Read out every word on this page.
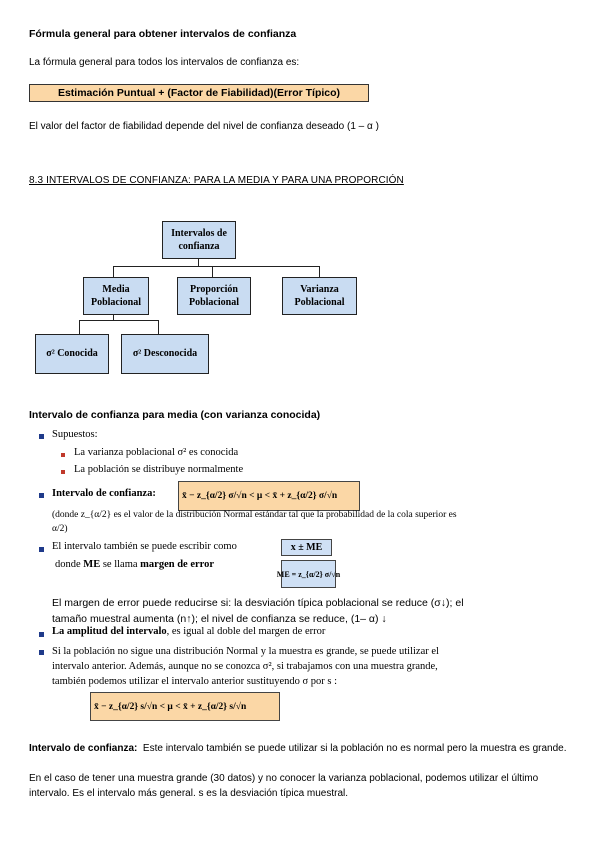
Fórmula general para obtener intervalos de confianza
La fórmula general para todos los intervalos de confianza es:
Estimación Puntual + (Factor de Fiabilidad)(Error Típico)
El valor del factor de fiabilidad depende del nivel de confianza deseado (1 – α )
8.3 INTERVALOS DE CONFIANZA: PARA LA MEDIA Y PARA UNA PROPORCIÓN
Intervalos de confianza
Media Poblacional
Proporción Poblacional
Varianza Poblacional
σ² Conocida	σ² Desconocida
Intervalo de confianza para media (con varianza conocida)
Supuestos:
La varianza poblacional σ² es conocida
La población se distribuye normalmente
Intervalo de confianza:	x̄ − z_{α/2} σ/√n < μ < x̄ + z_{α/2} σ/√n
(donde z_{α/2} es el valor de la distribución Normal estándar tal que la probabilidad de la cola superior es α/2)
El intervalo también se puede escribir como	x ± ME
donde ME se llama margen de error
ME = z_{α/2} σ/√n
El margen de error puede reducirse si: la desviación típica poblacional se reduce (σ↓); el tamaño muestral aumenta (n↑); el nivel de confianza se reduce, (1– α) ↓
La amplitud del intervalo, es igual al doble del margen de error
Si la población no sigue una distribución Normal y la muestra es grande, se puede utilizar el intervalo anterior. Además, aunque no se conozca σ², si trabajamos con una muestra grande, también podemos utilizar el intervalo anterior sustituyendo σ por s :
x̄ − z_{α/2} s/√n < μ < x̄ + z_{α/2} s/√n
Intervalo de confianza: Este intervalo también se puede utilizar si la población no es normal pero la muestra es grande.
En el caso de tener una muestra grande (30 datos) y no conocer la varianza poblacional, podemos utilizar el último intervalo. Es el intervalo más general. s es la desviación típica muestral.
